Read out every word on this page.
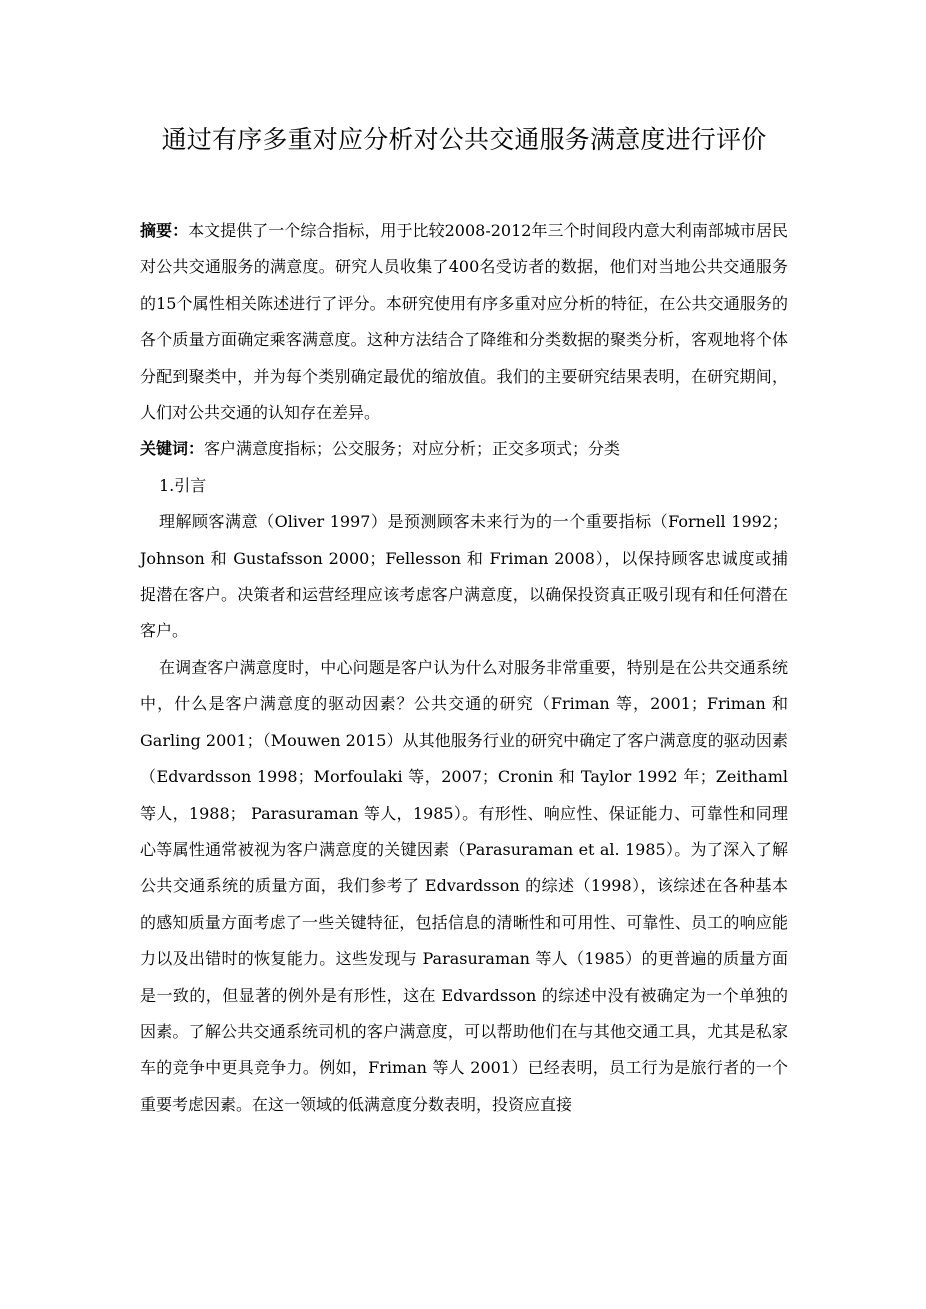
通过有序多重对应分析对公共交通服务满意度进行评价

摘要：本文提供了一个综合指标，用于比较2008-2012年三个时间段内意大利南部城市居民对公共交通服务的满意度。研究人员收集了400名受访者的数据，他们对当地公共交通服务的15个属性相关陈述进行了评分。本研究使用有序多重对应分析的特征，在公共交通服务的各个质量方面确定乘客满意度。这种方法结合了降维和分类数据的聚类分析，客观地将个体分配到聚类中，并为每个类别确定最优的缩放值。我们的主要研究结果表明，在研究期间，人们对公共交通的认知存在差异。

关键词：客户满意度指标；公交服务；对应分析；正交多项式；分类

1.引言

理解顾客满意（Oliver 1997）是预测顾客未来行为的一个重要指标（Fornell 1992；Johnson 和 Gustafsson 2000；Fellesson 和 Friman 2008），以保持顾客忠诚度或捕捉潜在客户。决策者和运营经理应该考虑客户满意度，以确保投资真正吸引现有和任何潜在客户。

在调查客户满意度时，中心问题是客户认为什么对服务非常重要，特别是在公共交通系统中，什么是客户满意度的驱动因素？公共交通的研究（Friman 等，2001；Friman 和 Garling 2001；（Mouwen 2015）从其他服务行业的研究中确定了客户满意度的驱动因素（Edvardsson 1998；Morfoulaki 等，2007；Cronin 和 Taylor 1992 年；Zeithaml 等人，1988； Parasuraman 等人，1985）。有形性、响应性、保证能力、可靠性和同理心等属性通常被视为客户满意度的关键因素（Parasuraman et al. 1985）。为了深入了解公共交通系统的质量方面，我们参考了 Edvardsson 的综述（1998），该综述在各种基本的感知质量方面考虑了一些关键特征，包括信息的清晰性和可用性、可靠性、员工的响应能力以及出错时的恢复能力。这些发现与 Parasuraman 等人（1985）的更普遍的质量方面是一致的，但显著的例外是有形性，这在 Edvardsson 的综述中没有被确定为一个单独的因素。了解公共交通系统司机的客户满意度，可以帮助他们在与其他交通工具，尤其是私家车的竞争中更具竞争力。例如，Friman 等人 2001）已经表明，员工行为是旅行者的一个重要考虑因素。在这一领域的低满意度分数表明，投资应直接
